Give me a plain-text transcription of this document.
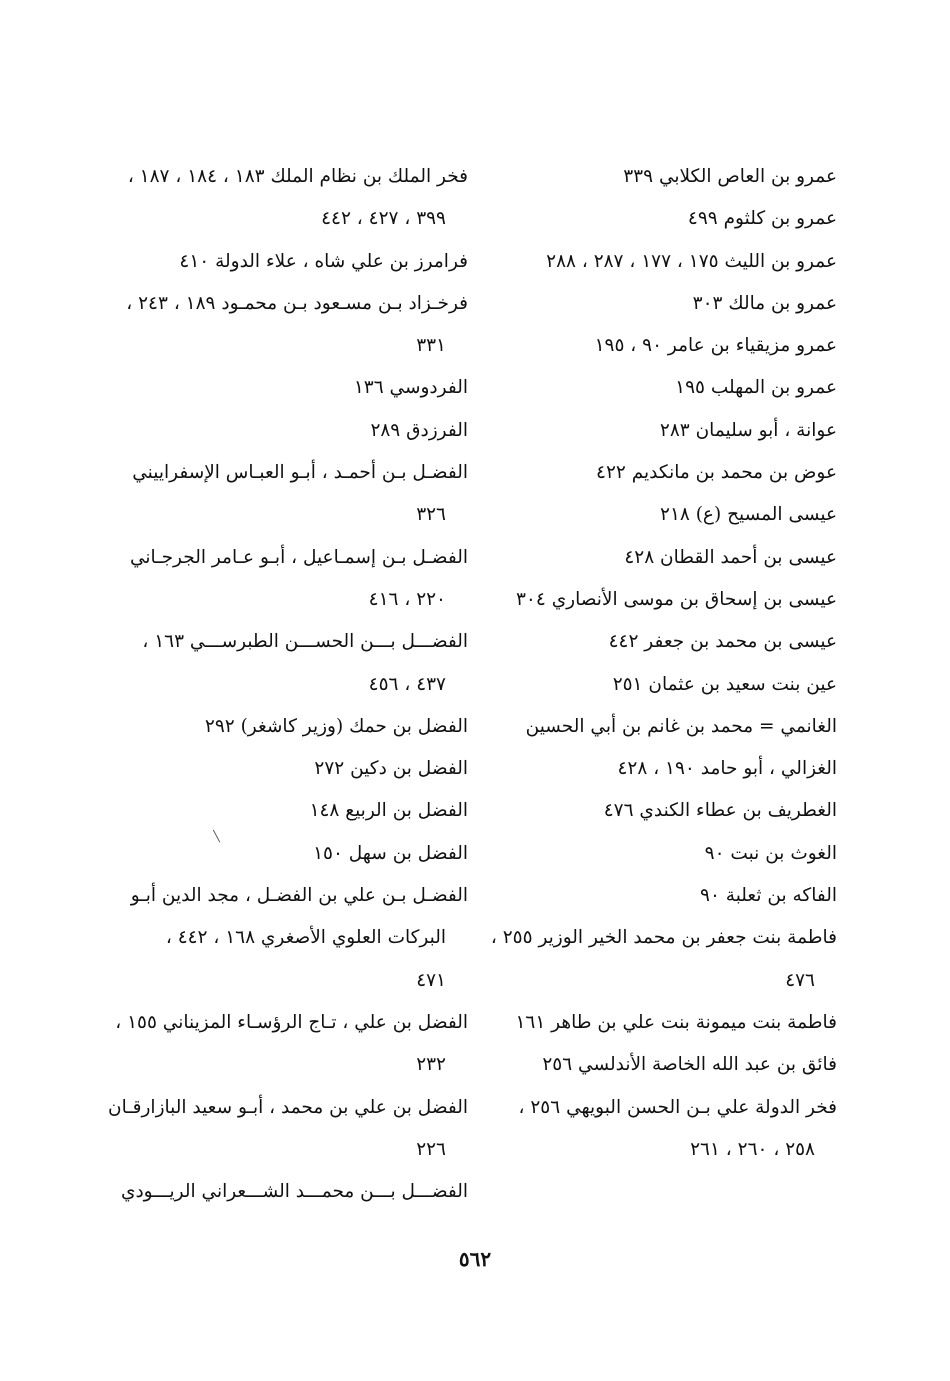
عمرو بن العاص الكلابي ٣٣٩
عمرو بن كلثوم ٤٩٩
عمرو بن الليث ١٧٥ ، ١٧٧ ، ٢٨٧ ، ٢٨٨
عمرو بن مالك ٣٠٣
عمرو مزيقياء بن عامر ٩٠ ، ١٩٥
عمرو بن المهلب ١٩٥
عوانة ، أبو سليمان ٢٨٣
عوض بن محمد بن مانكديم ٤٢٢
عيسى المسيح (ع) ٢١٨
عيسى بن أحمد القطان ٤٢٨
عيسى بن إسحاق بن موسى الأنصاري ٣٠٤
عيسى بن محمد بن جعفر ٤٤٢
عين بنت سعيد بن عثمان ٢٥١
الغانمي = محمد بن غانم بن أبي الحسين
الغزالي ، أبو حامد ١٩٠ ، ٤٢٨
الغطريف بن عطاء الكندي ٤٧٦
الغوث بن نبت ٩٠
الفاكه بن ثعلبة ٩٠
فاطمة بنت جعفر بن محمد الخير الوزير ٢٥٥ ،
٤٧٦
فاطمة بنت ميمونة بنت علي بن طاهر ١٦١
فائق بن عبد الله الخاصة الأندلسي ٢٥٦
فخر الدولة علي بـن الحسن البويهي ٢٥٦ ،
٢٥٨ ، ٢٦٠ ، ٢٦١
فخر الملك بن نظام الملك ١٨٣ ، ١٨٤ ، ١٨٧ ،
٣٩٩ ، ٤٢٧ ، ٤٤٢
فرامرز بن علي شاه ، علاء الدولة ٤١٠
فرخـزاد بـن مسـعود بـن محمـود ١٨٩ ، ٢٤٣ ،
٣٣١
الفردوسي ١٣٦
الفرزدق ٢٨٩
الفضـل بـن أحمـد ، أبـو العبـاس الإسفراييني
٣٢٦
الفضـل بـن إسمـاعيل ، أبـو عـامر الجرجـاني
٢٢٠ ، ٤١٦
الفضـــل بـــن الحســـن الطبرســـي ١٦٣ ،
٤٣٧ ، ٤٥٦
الفضل بن حمك (وزير كاشغر) ٢٩٢
الفضل بن دكين ٢٧٢
الفضل بن الربيع ١٤٨
الفضل بن سهل ١٥٠
الفضـل بـن علي بن الفضـل ، مجد الدين أبـو
البركات العلوي الأصغري ١٦٨ ، ٤٤٢ ،
٤٧١
الفضل بن علي ، تـاج الرؤسـاء المزيناني ١٥٥ ،
٢٣٢
الفضل بن علي بن محمد ، أبـو سعيد البازارقـان
٢٢٦
الفضـــل بـــن محمـــد الشـــعراني الريـــودي
٥٦٢
